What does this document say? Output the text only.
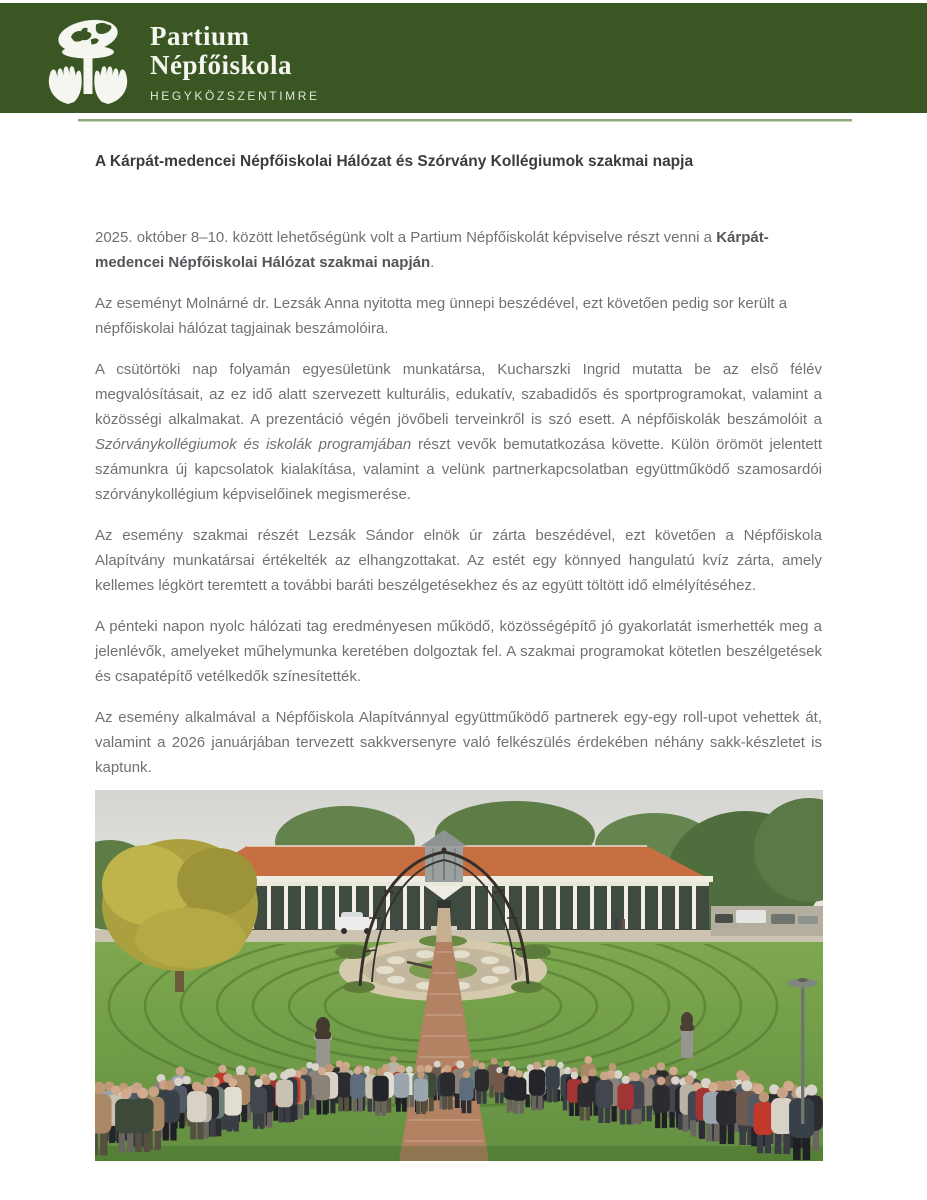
Partium
Népfőiskola
HEGYKÖZSZENTIMRE
A Kárpát-medencei Népfőiskolai Hálózat és Szórvány Kollégiumok szakmai napja

2025. október 8–10. között lehetőségünk volt a Partium Népfőiskolát képviselve részt venni a Kárpát-medencei Népfőiskolai Hálózat szakmai napján.

Az eseményt Molnárné dr. Lezsák Anna nyitotta meg ünnepi beszédével, ezt követően pedig sor került a népfőiskolai hálózat tagjainak beszámolóira.

A csütörtöki nap folyamán egyesületünk munkatársa, Kucharszki Ingrid mutatta be az első félév megvalósításait, az ez idő alatt szervezett kulturális, edukatív, szabadidős és sportprogramokat, valamint a közösségi alkalmakat. A prezentáció végén jövőbeli terveinkről is szó esett. A népfőiskolák beszámolóit a Szórványkollégiumok és iskolák programjában részt vevők bemutatkozása követte. Külön örömöt jelentett számunkra új kapcsolatok kialakítása, valamint a velünk partnerkapcsolatban együttműködő szamosardói szórványkollégium képviselőinek megismerése.

Az esemény szakmai részét Lezsák Sándor elnök úr zárta beszédével, ezt követően a Népfőiskola Alapítvány munkatársai értékelték az elhangzottakat. Az estét egy könnyed hangulatú kvíz zárta, amely kellemes légkört teremtett a további baráti beszélgetésekhez és az együtt töltött idő elmélyítéséhez.

A pénteki napon nyolc hálózati tag eredményesen működő, közösségépítő jó gyakorlatát ismerhették meg a jelenlévők, amelyeket műhelymunka keretében dolgoztak fel. A szakmai programokat kötetlen beszélgetések és csapatépítő vetélkedők színesítették.

Az esemény alkalmával a Népfőiskola Alapítvánnyal együttműködő partnerek egy-egy roll-upot vehettek át, valamint a 2026 januárjában tervezett sakkversenyre való felkészülés érdekében néhány sakk-készletet is kaptunk.
